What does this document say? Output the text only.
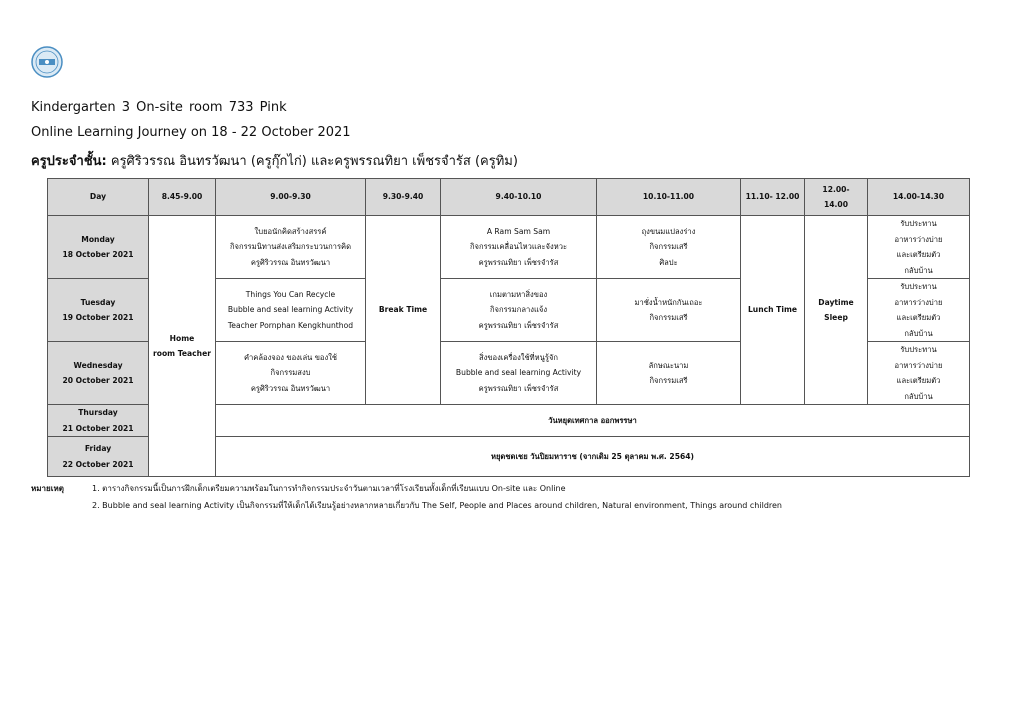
Kindergarten 3 On-site room 733 Pink
Online Learning Journey on 18 - 22 October 2021
ครูประจำชั้น: ครูศิริวรรณ อินทรวัฒนา (ครูกุ๊กไก่) และครูพรรณทิยา เพ็ชรจำรัส (ครูทิม)
Day	8.45-9.00	9.00-9.30	9.30-9.40	9.40-10.10	10.10-11.00	11.10- 12.00	12.00-
14.00	14.00-14.30

Monday
18 October 2021	Home
room Teacher	ใบยอนักคิดสร้างสรรค์
กิจกรรมนิทานส่งเสริมกระบวนการคิด
ครูศิริวรรณ อินทรวัฒนา	Break Time	A Ram Sam Sam
กิจกรรมเคลื่อนไหวและจังหวะ
ครูพรรณทิยา เพ็ชรจำรัส	ถุงขนมแปลงร่าง
กิจกรรมเสรี
ศิลปะ	Lunch Time	Daytime
Sleep	รับประทาน
อาหารว่างบ่าย
และเตรียมตัว
กลับบ้าน

Tuesday
19 October 2021		Things You Can Recycle
Bubble and seal learning Activity
Teacher Pornphan Kengkhunthod		เกมตามหาสิ่งของ
กิจกรรมกลางแจ้ง
ครูพรรณทิยา เพ็ชรจำรัส	มาชั่งน้ำหนักกันเถอะ
กิจกรรมเสรี			รับประทาน
อาหารว่างบ่าย
และเตรียมตัว
กลับบ้าน

Wednesday
20 October 2021		คำคล้องจอง ของเล่น ของใช้
กิจกรรมสงบ
ครูศิริวรรณ อินทรวัฒนา		สิ่งของเครื่องใช้ที่หนูรู้จัก
Bubble and seal learning Activity
ครูพรรณทิยา เพ็ชรจำรัส	ลักษณะนาม
กิจกรรมเสรี			รับประทาน
อาหารว่างบ่าย
และเตรียมตัว
กลับบ้าน

Thursday
21 October 2021		วันหยุดเทศกาล ออกพรรษา						

Friday
22 October 2021		หยุดชดเชย วันปิยมหาราช (จากเดิม 25 ตุลาคม พ.ศ. 2564)						
หมายเหตุ	1. ตารางกิจกรรมนี้เป็นการฝึกเด็กเตรียมความพร้อมในการทำกิจกรรมประจำวันตามเวลาที่โรงเรียนทั้งเด็กที่เรียนแบบ On-site และ Online
2. Bubble and seal learning Activity เป็นกิจกรรมที่ให้เด็กได้เรียนรู้อย่างหลากหลายเกี่ยวกับ The Self, People and Places around children, Natural environment, Things around children
